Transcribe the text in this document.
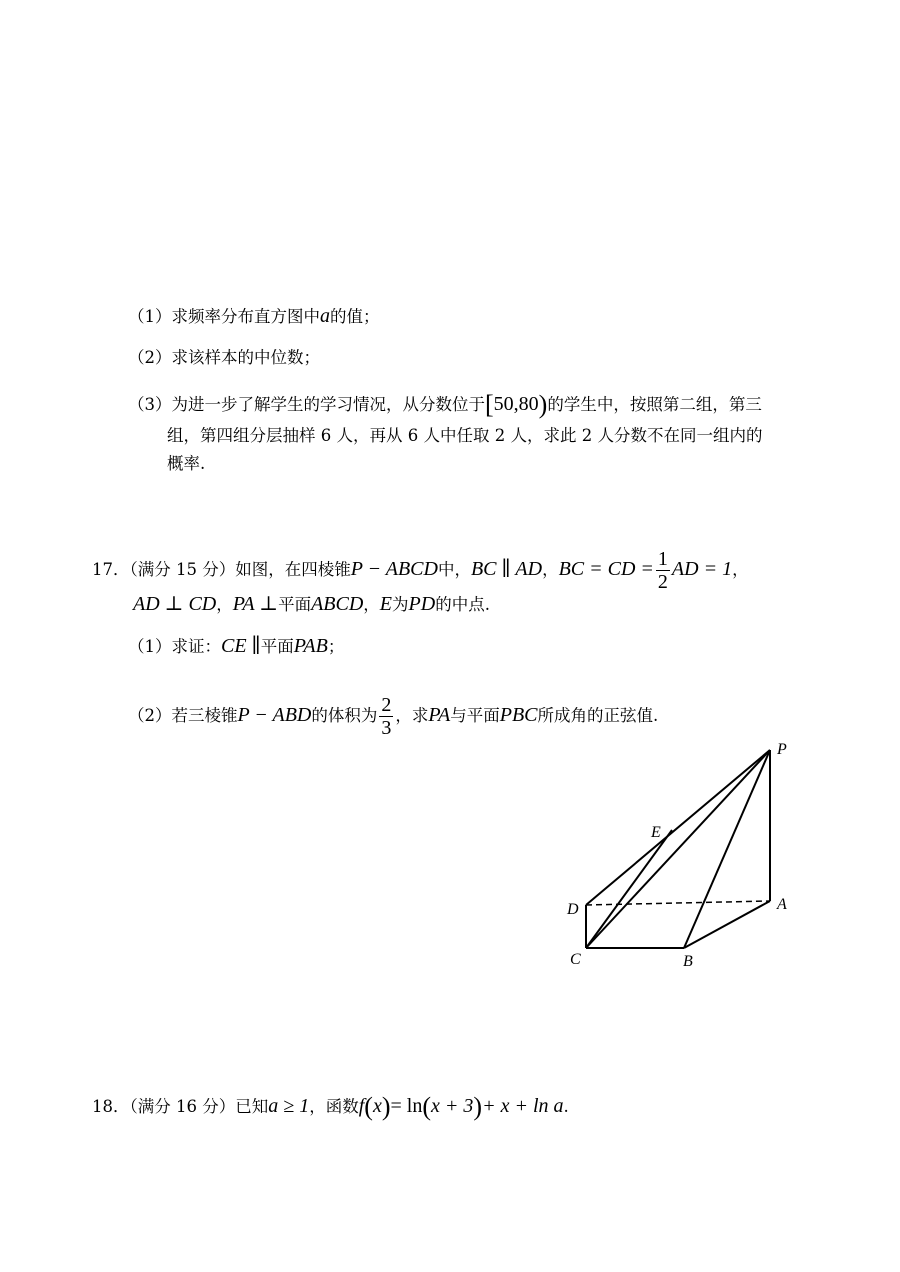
（1）求频率分布直方图中a的值；
（2）求该样本的中位数；
（3）为进一步了解学生的学习情况，从分数位于[50,80)的学生中，按照第二组，第三
组，第四组分层抽样 6 人，再从 6 人中任取 2 人，求此 2 人分数不在同一组内的
概率.
17．（满分 15 分）如图，在四棱锥P − ABCD中，BC ∥ AD，BC = CD = $\frac{1}{2}$ AD = 1，
AD ⊥ CD，PA ⊥平面ABCD，E为PD的中点.
（1）求证：CE ∥平面PAB；
（2）若三棱锥P − ABD的体积为 $\frac{2}{3}$ ，求PA与平面PBC所成角的正弦值.
P
E
D	A
C	B
18．（满分 16 分）已知a ≥ 1，函数f(x)= ln(x + 3)+ x + ln a.
